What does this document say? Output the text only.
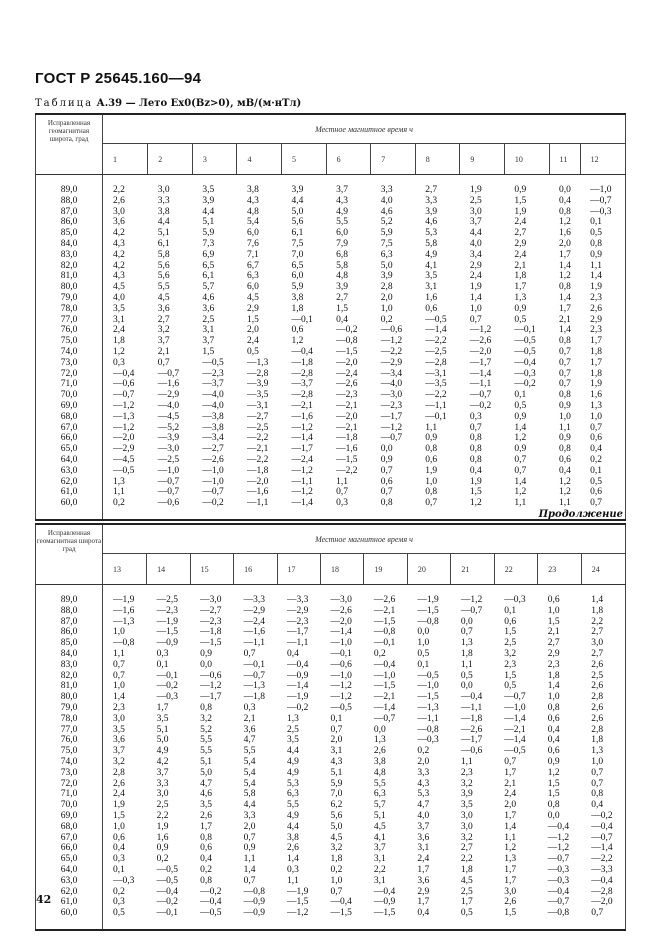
ГОСТ Р 25645.160—94
Таблица А.39 — Лето Ex0(Bz>0), мВ/(м·нТл)
Исправленная геомагнитная широта, град	Местное магнитное время ч											
	1	2	3	4	5	6	7	8	9	10	11	12

89,0	2,2	3,0	3,5	3,8	3,9	3,7	3,3	2,7	1,9	0,9	0,0	—1,0
88,0	2,6	3,3	3,9	4,3	4,4	4,3	4,0	3,3	2,5	1,5	0,4	—0,7
87,0	3,0	3,8	4,4	4,8	5,0	4,9	4,6	3,9	3,0	1,9	0,8	—0,3
86,0	3,6	4,4	5,1	5,4	5,6	5,5	5,2	4,6	3,7	2,4	1,2	0,1
85,0	4,2	5,1	5,9	6,0	6,1	6,0	5,9	5,3	4,4	2,7	1,6	0,5
84,0	4,3	6,1	7,3	7,6	7,5	7,9	7,5	5,8	4,0	2,9	2,0	0,8
83,0	4,2	5,8	6,9	7,1	7,0	6,8	6,3	4,9	3,4	2,4	1,7	0,9
82,0	4,2	5,6	6,5	6,7	6,5	5,8	5,0	4,1	2,9	2,1	1,4	1,1
81,0	4,3	5,6	6,1	6,3	6,0	4,8	3,9	3,5	2,4	1,8	1,2	1,4
80,0	4,5	5,5	5,7	6,0	5,9	3,9	2,8	3,1	1,9	1,7	0,8	1,9
79,0	4,0	4,5	4,6	4,5	3,8	2,7	2,0	1,6	1,4	1,3	1,4	2,3
78,0	3,5	3,6	3,6	2,9	1,8	1,5	1,0	0,6	1,0	0,9	1,7	2,6
77,0	3,1	2,7	2,5	1,5	—0,1	0,4	0,2	—0,5	0,7	0,5	2,1	2,9
76,0	2,4	3,2	3,1	2,0	0,6	—0,2	—0,6	—1,4	—1,2	—0,1	1,4	2,3
75,0	1,8	3,7	3,7	2,4	1,2	—0,8	—1,2	—2,2	—2,6	—0,5	0,8	1,7
74,0	1,2	2,1	1,5	0,5	—0,4	—1,5	—2,2	—2,5	—2,0	—0,5	0,7	1,8
73,0	0,3	0,7	—0,5	—1,3	—1,8	—2,0	—2,9	—2,8	—1,7	—0,4	0,7	1,7
72,0	—0,4	—0,7	—2,3	—2,8	—2,8	—2,4	—3,4	—3,1	—1,4	—0,3	0,7	1,8
71,0	—0,6	—1,6	—3,7	—3,9	—3,7	—2,6	—4,0	—3,5	—1,1	—0,2	0,7	1,9
70,0	—0,7	—2,9	—4,0	—3,5	—2,8	—2,3	—3,0	—2,2	—0,7	0,1	0,8	1,6
69,0	—1,2	—4,0	—4,0	—3,1	—2,1	—2,1	—2,3	—1,1	—0,2	0,5	0,9	1,3
68,0	—1,3	—4,5	—3,8	—2,7	—1,6	—2,0	—1,7	—0,1	0,3	0,9	1,0	1,0
67,0	—1,2	—5,2	—3,8	—2,5	—1,2	—2,1	—1,2	1,1	0,7	1,4	1,1	0,7
66,0	—2,0	—3,9	—3,4	—2,2	—1,4	—1,8	—0,7	0,9	0,8	1,2	0,9	0,6
65,0	—2,9	—3,0	—2,7	—2,1	—1,7	—1,6	0,0	0,8	0,8	0,9	0,8	0,4
64,0	—4,5	—2,5	—2,6	—2,2	—2,4	—1,5	0,9	0,6	0,8	0,7	0,6	0,2
63,0	—0,5	—1,0	—1,0	—1,8	—1,2	—2,2	0,7	1,9	0,4	0,7	0,4	0,1
62,0	1,3	—0,7	—1,0	—2,0	—1,1	1,1	0,6	1,0	1,9	1,4	1,2	0,5
61,0	1,1	—0,7	—0,7	—1,6	—1,2	0,7	0,7	0,8	1,5	1,2	1,2	0,6
60,0	0,2	—0,6	—0,2	—1,1	—1,4	0,3	0,8	0,7	1,2	1,1	1,1	0,7

Продолжение
Исправленная геомагнитная широта град	Местное магнитное время ч											
	13	14	15	16	17	18	19	20	21	22	23	24

89,0	—1,9	—2,5	—3,0	—3,3	—3,3	—3,0	—2,6	—1,9	—1,2	—0,3	0,6	1,4
88,0	—1,6	—2,3	—2,7	—2,9	—2,9	—2,6	—2,1	—1,5	—0,7	0,1	1,0	1,8
87,0	—1,3	—1,9	—2,3	—2,4	—2,3	—2,0	—1,5	—0,8	0,0	0,6	1,5	2,2
86,0	1,0	—1,5	—1,8	—1,6	—1,7	—1,4	—0,8	0,0	0,7	1,5	2,1	2,7
85,0	—0,8	—0,9	—1,5	—1,1	—1,1	—1,0	—0,1	1,0	1,3	2,5	2,7	3,0
84,0	1,1	0,3	0,9	0,7	0,4	—0,1	0,2	0,5	1,8	3,2	2,9	2,7
83,0	0,7	0,1	0,0	—0,1	—0,4	—0,6	—0,4	0,1	1,1	2,3	2,3	2,6
82,0	0,7	—0,1	—0,6	—0,7	—0,9	—1,0	—1,0	—0,5	0,5	1,5	1,8	2,5
81,0	1,0	—0,2	—1,2	—1,3	—1,4	—1,2	—1,5	—1,0	0,0	0,5	1,4	2,6
80,0	1,4	—0,3	—1,7	—1,8	—1,9	—1,2	—2,1	—1,5	—0,4	—0,7	1,0	2,8
79,0	2,3	1,7	0,8	0,3	—0,2	—0,5	—1,4	—1,3	—1,1	—1,0	0,8	2,6
78,0	3,0	3,5	3,2	2,1	1,3	0,1	—0,7	—1,1	—1,8	—1,4	0,6	2,6
77,0	3,5	5,1	5,2	3,6	2,5	0,7	0,0	—0,8	—2,6	—2,1	0,4	2,8
76,0	3,6	5,0	5,5	4,7	3,5	2,0	1,3	—0,3	—1,7	—1,4	0,4	1,8
75,0	3,7	4,9	5,5	5,5	4,4	3,1	2,6	0,2	—0,6	—0,5	0,6	1,3
74,0	3,2	4,2	5,1	5,4	4,9	4,3	3,8	2,0	1,1	0,7	0,9	1,0
73,0	2,8	3,7	5,0	5,4	4,9	5,1	4,8	3,3	2,3	1,7	1,2	0,7
72,0	2,6	3,3	4,7	5,4	5,3	5,9	5,5	4,3	3,2	2,1	1,5	0,7
71,0	2,4	3,0	4,6	5,8	6,3	7,0	6,3	5,3	3,9	2,4	1,5	0,8
70,0	1,9	2,5	3,5	4,4	5,5	6,2	5,7	4,7	3,5	2,0	0,8	0,4
69,0	1,5	2,2	2,6	3,3	4,9	5,6	5,1	4,0	3,0	1,7	0,0	—0,2
68,0	1,0	1,9	1,7	2,0	4,4	5,0	4,5	3,7	3,0	1,4	—0,4	—0,4
67,0	0,6	1,6	0,8	0,7	3,8	4,5	4,1	3,6	3,2	1,1	—1,2	—0,7
66,0	0,4	0,9	0,6	0,9	2,6	3,2	3,7	3,1	2,7	1,2	—1,2	—1,4
65,0	0,3	0,2	0,4	1,1	1,4	1,8	3,1	2,4	2,2	1,3	—0,7	—2,2
64,0	0,1	—0,5	0,2	1,4	0,3	0,2	2,2	1,7	1,8	1,7	—0,3	—3,3
63,0	—0,3	—0,5	0,8	0,7	1,1	1,0	3,1	3,6	4,5	1,7	—0,3	—0,4
62,0	0,2	—0,4	—0,2	—0,8	—1,9	0,7	—0,4	2,9	2,5	3,0	—0,4	—2,8
61,0	0,3	—0,2	—0,4	—0,9	—1,5	—0,4	—0,9	1,7	1,7	2,6	—0,7	—2,0
60,0	0,5	—0,1	—0,5	—0,9	—1,2	—1,5	—1,5	0,4	0,5	1,5	—0,8	0,7

42
